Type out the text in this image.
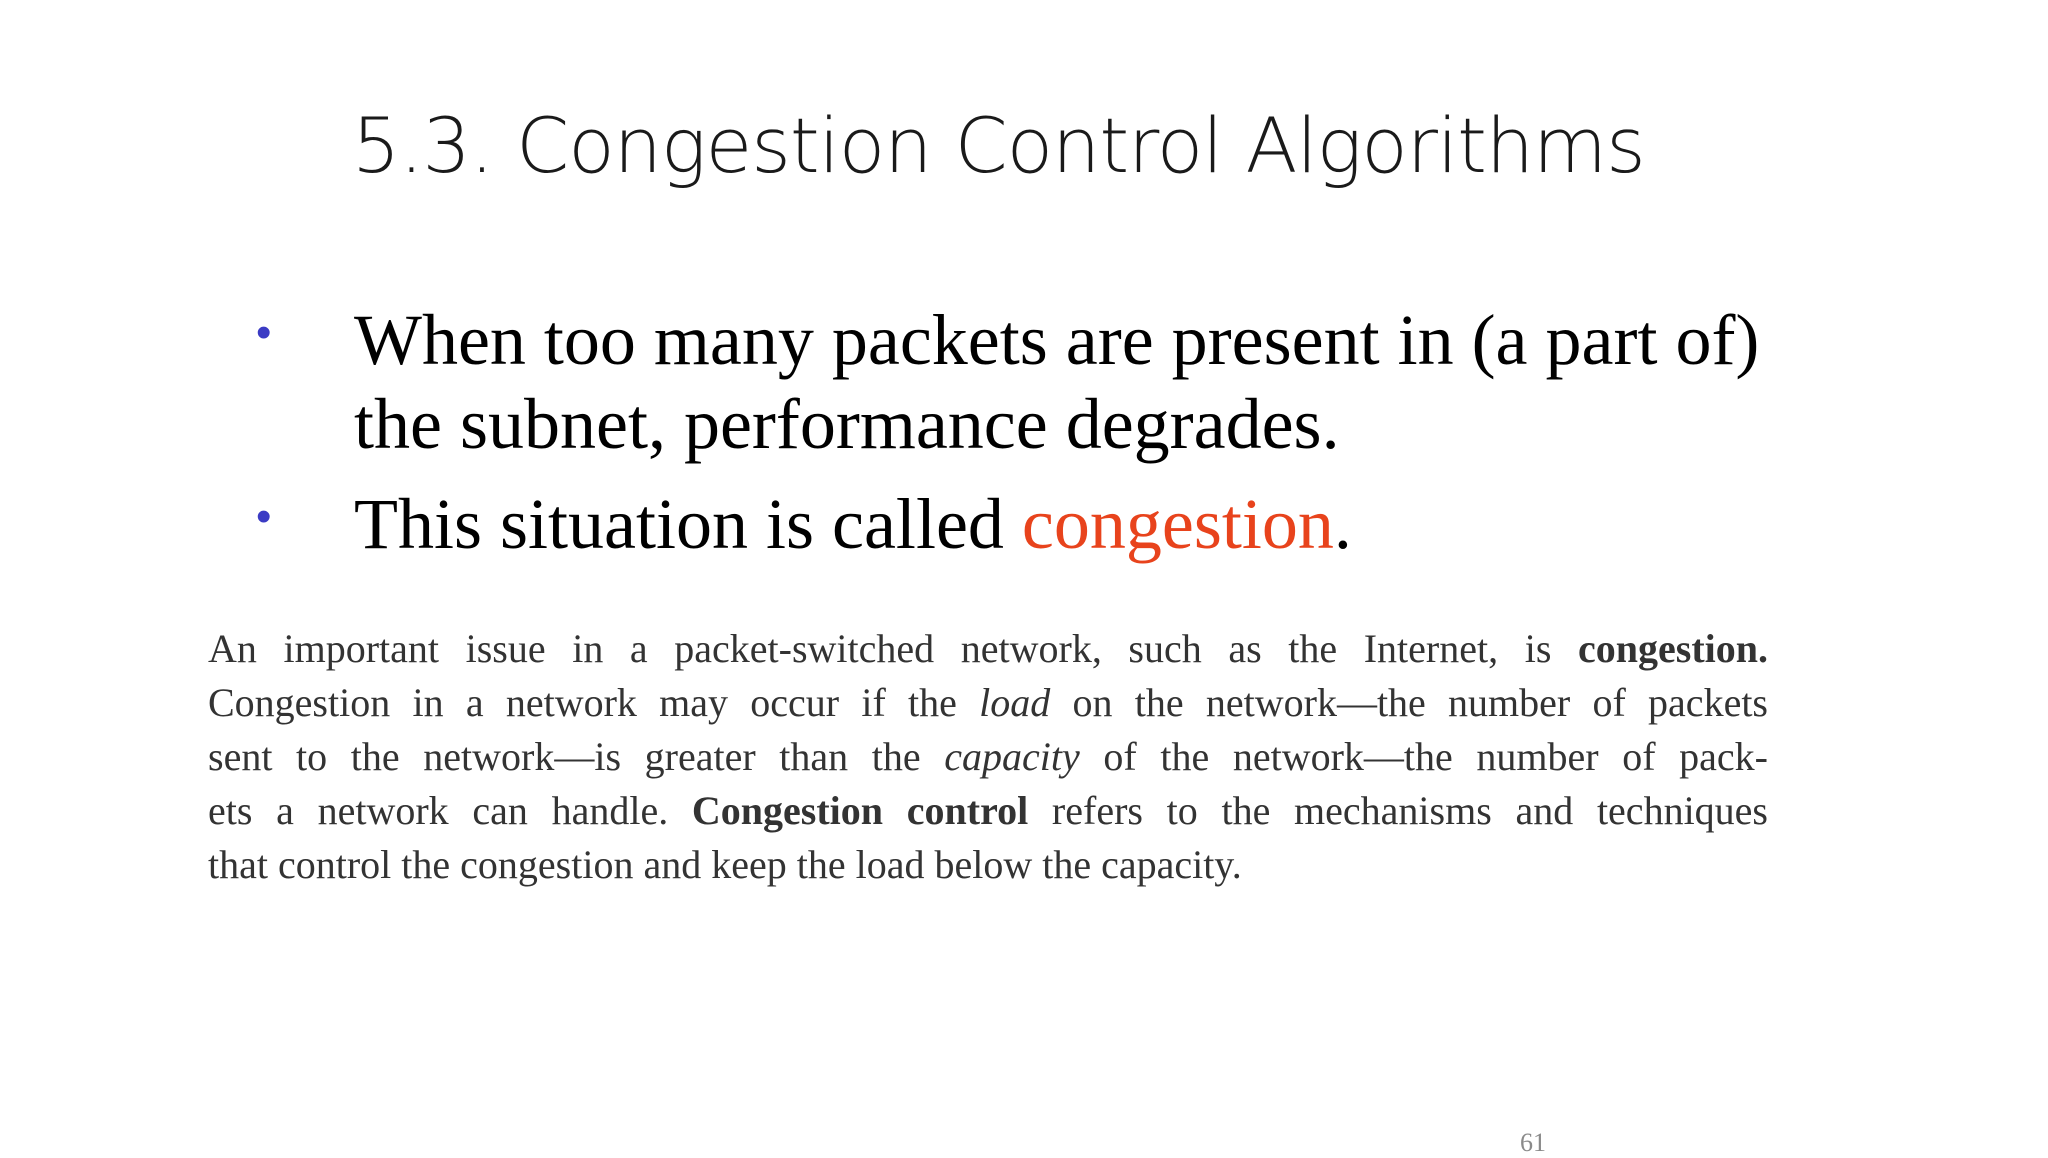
5.3. Congestion Control Algorithms
• When too many packets are present in (a part of) the subnet, performance degrades.
• This situation is called congestion.
An important issue in a packet-switched network, such as the Internet, is congestion.
Congestion in a network may occur if the load on the network—the number of packets
sent to the network—is greater than the capacity of the network—the number of pack-
ets a network can handle. Congestion control refers to the mechanisms and techniques
that control the congestion and keep the load below the capacity.
61
